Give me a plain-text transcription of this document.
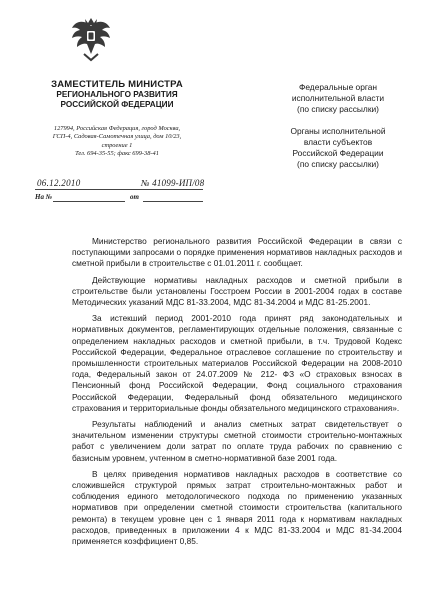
ЗАМЕСТИТЕЛЬ МИНИСТРА
РЕГИОНАЛЬНОГО РАЗВИТИЯ
РОССИЙСКОЙ ФЕДЕРАЦИИ
127994, Российская Федерация, город Москва,
ГСП-4, Садовая-Самотечная улица, дом 10/23,
строение 1
Тел. 694-35-55; факс 699-38-41
06.12.2010	№ 41099-ИП/08
На №	от
Федеральные орган
исполнительной власти
(по списку рассылки)
Органы исполнительной
власти субъектов
Российской Федерации
(по списку рассылки)

Министерство регионального развития Российской Федерации в связи с поступающими запросами о порядке применения нормативов накладных расходов и сметной прибыли в строительстве с 01.01.2011 г. сообщает.

Действующие нормативы накладных расходов и сметной прибыли в строительстве были установлены Госстроем России в 2001-2004 годах в составе Методических указаний МДС 81-33.2004, МДС 81-34.2004 и МДС 81-25.2001.

За истекший период 2001-2010 года принят ряд законодательных и нормативных документов, регламентирующих отдельные положения, связанные с определением накладных расходов и сметной прибыли, в т.ч. Трудовой Кодекс Российской Федерации, Федеральное отраслевое соглашение по строительству и промышленности строительных материалов Российской Федерации на 2008-2010 года, Федеральный закон от 24.07.2009 № 212- ФЗ «О страховых взносах в Пенсионный фонд Российской Федерации, Фонд социального страхования Российской Федерации, Федеральный фонд обязательного медицинского страхования и территориальные фонды обязательного медицинского страхования».

Результаты наблюдений и анализ сметных затрат свидетельствует о значительном изменении структуры сметной стоимости строительно-монтажных работ с увеличением доли затрат по оплате труда рабочих по сравнению с базисным уровнем, учтенном в сметно-нормативной базе 2001 года.

В целях приведения нормативов накладных расходов в соответствие со сложившейся структурой прямых затрат строительно-монтажных работ и соблюдения единого методологического подхода по применению указанных нормативов при определении сметной стоимости строительства (капитального ремонта) в текущем уровне цен с 1 января 2011 года к нормативам накладных расходов, приведенных в приложении 4 к МДС 81-33.2004 и МДС 81-34.2004 применяется коэффициент 0,85.
